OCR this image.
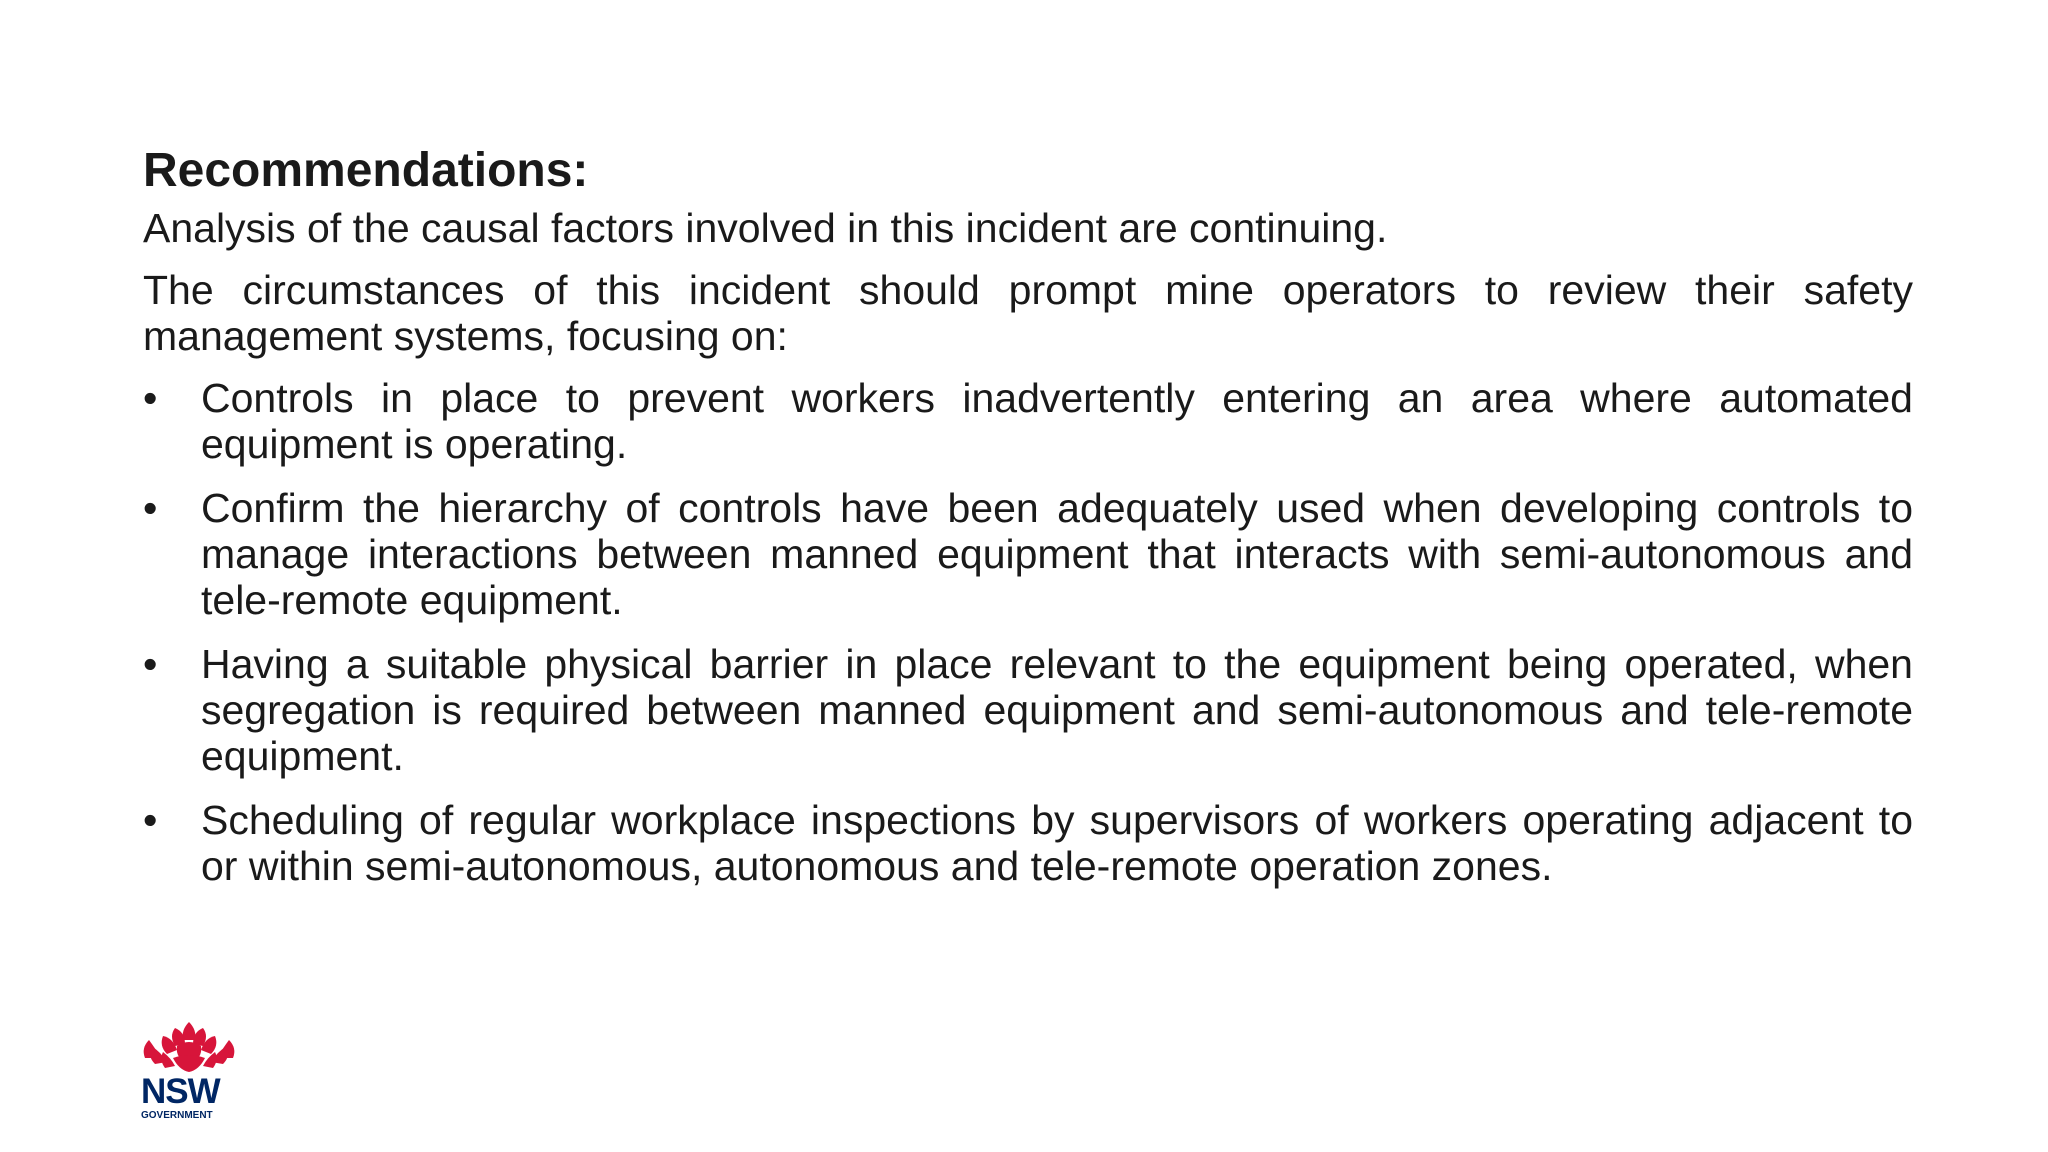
Recommendations:

Analysis of the causal factors involved in this incident are continuing.

The circumstances of this incident should prompt mine operators to review their safety management systems, focusing on:

•	Controls in place to prevent workers inadvertently entering an area where automated equipment is operating.
•	Confirm the hierarchy of controls have been adequately used when developing controls to manage interactions between manned equipment that interacts with semi-autonomous and tele-remote equipment.
•	Having a suitable physical barrier in place relevant to the equipment being operated, when segregation is required between manned equipment and semi-autonomous and tele-remote equipment.
•	Scheduling of regular workplace inspections by supervisors of workers operating adjacent to or within semi-autonomous, autonomous and tele-remote operation zones.
NSW
GOVERNMENT
